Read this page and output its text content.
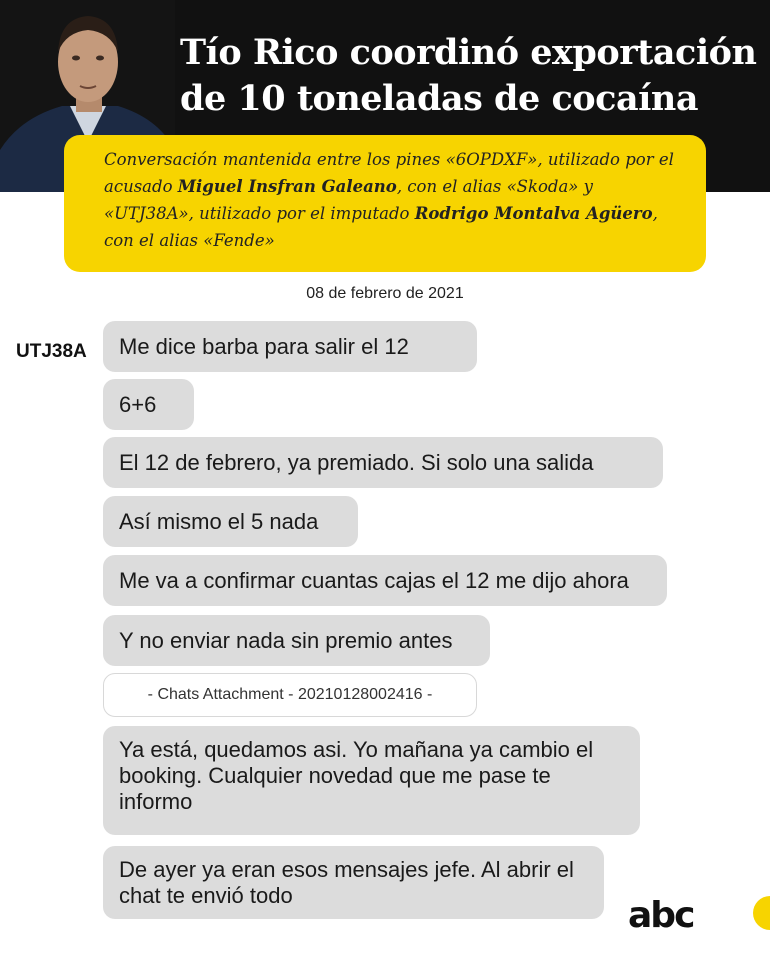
Tío Rico coordinó exportación
de 10 toneladas de cocaína
Conversación mantenida entre los pines «6OPDXF», utilizado por el acusado Miguel Insfran Galeano, con el alias «Skoda» y «UTJ38A», utilizado por el imputado Rodrigo Montalva Agüero, con el alias «Fende»
08 de febrero de 2021
UTJ38A	Me dice barba para salir el 12
6+6
El 12 de febrero, ya premiado. Si solo una salida
Así mismo el 5 nada
Me va a confirmar cuantas cajas el 12 me dijo ahora
Y no enviar nada sin premio antes
- Chats Attachment - 20210128002416 -
Ya está, quedamos asi. Yo mañana ya cambio el booking. Cualquier novedad que me pase te informo
De ayer ya eran esos mensajes jefe. Al abrir el chat te envió todo	abc
